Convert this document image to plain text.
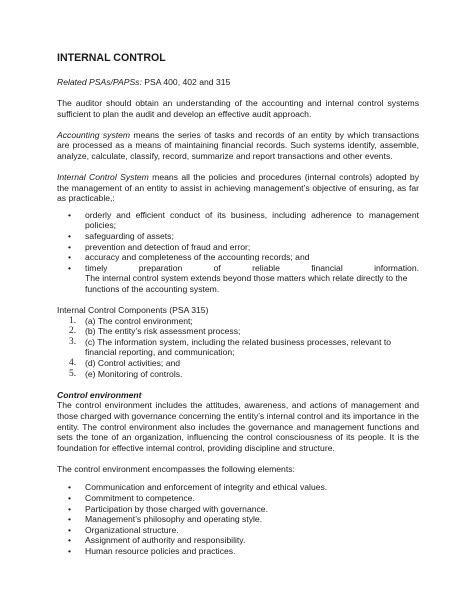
INTERNAL CONTROL

Related PSAs/PAPSs: PSA 400, 402 and 315

The auditor should obtain an understanding of the accounting and internal control systems sufficient to plan the audit and develop an effective audit approach.

Accounting system means the series of tasks and records of an entity by which transactions are processed as a means of maintaining financial records. Such systems identify, assemble, analyze, calculate, classify, record, summarize and report transactions and other events.

Internal Control System means all the policies and procedures (internal controls) adopted by the management of an entity to assist in achieving management’s objective of ensuring, as far as practicable,:

• orderly and efficient conduct of its business, including adherence to management policies;
• safeguarding of assets;
• prevention and detection of fraud and error;
• accuracy and completeness of the accounting records; and
• timely preparation of reliable financial information.
The internal control system extends beyond those matters which relate directly to the functions of the accounting system.
Internal Control Components (PSA 315)
1. (a) The control environment;
2. (b) The entity’s risk assessment process;
3. (c) The information system, including the related business processes, relevant to financial reporting, and communication;
4. (d) Control activities; and
5. (e) Monitoring of controls.
Control environment

The control environment includes the attitudes, awareness, and actions of management and those charged with governance concerning the entity’s internal control and its importance in the entity. The control environment also includes the governance and management functions and sets the tone of an organization, influencing the control consciousness of its people. It is the foundation for effective internal control, providing discipline and structure.

The control environment encompasses the following elements:

• Communication and enforcement of integrity and ethical values.
• Commitment to competence.
• Participation by those charged with governance.
• Management’s philosophy and operating style.
• Organizational structure.
• Assignment of authority and responsibility.
• Human resource policies and practices.
